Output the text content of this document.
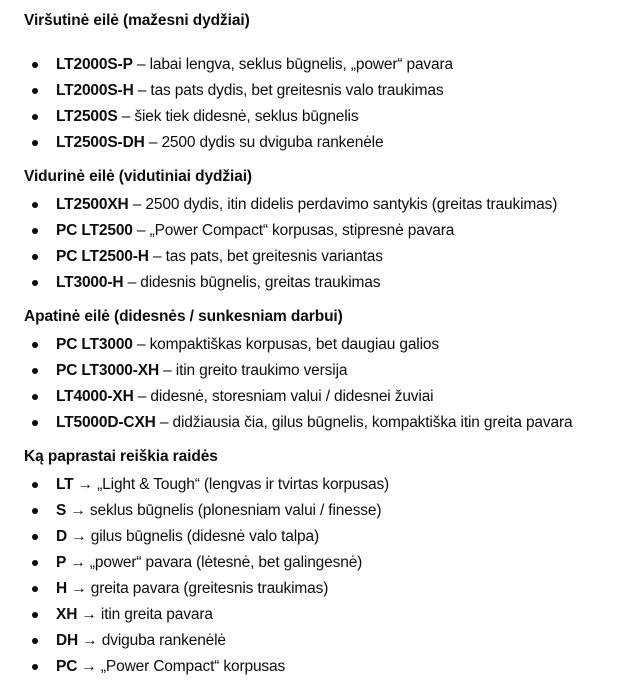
Viršutinė eilė (mažesni dydžiai)
LT2000S-P – labai lengva, seklus būgnelis, „power“ pavara
LT2000S-H – tas pats dydis, bet greitesnis valo traukimas
LT2500S – šiek tiek didesnė, seklus būgnelis
LT2500S-DH – 2500 dydis su dviguba rankenėle
Vidurinė eilė (vidutiniai dydžiai)
LT2500XH – 2500 dydis, itin didelis perdavimo santykis (greitas traukimas)
PC LT2500 – „Power Compact“ korpusas, stipresnė pavara
PC LT2500-H – tas pats, bet greitesnis variantas
LT3000-H – didesnis būgnelis, greitas traukimas
Apatinė eilė (didesnės / sunkesniam darbui)
PC LT3000 – kompaktiškas korpusas, bet daugiau galios
PC LT3000-XH – itin greito traukimo versija
LT4000-XH – didesnė, storesniam valui / didesnei žuviai
LT5000D-CXH – didžiausia čia, gilus būgnelis, kompaktiška itin greita pavara
Ką paprastai reiškia raidės
LT → „Light & Tough“ (lengvas ir tvirtas korpusas)
S → seklus būgnelis (plonesniam valui / finesse)
D → gilus būgnelis (didesnė valo talpa)
P → „power“ pavara (lėtesnė, bet galingesnė)
H → greita pavara (greitesnis traukimas)
XH → itin greita pavara
DH → dviguba rankenėlė
PC → „Power Compact“ korpusas
